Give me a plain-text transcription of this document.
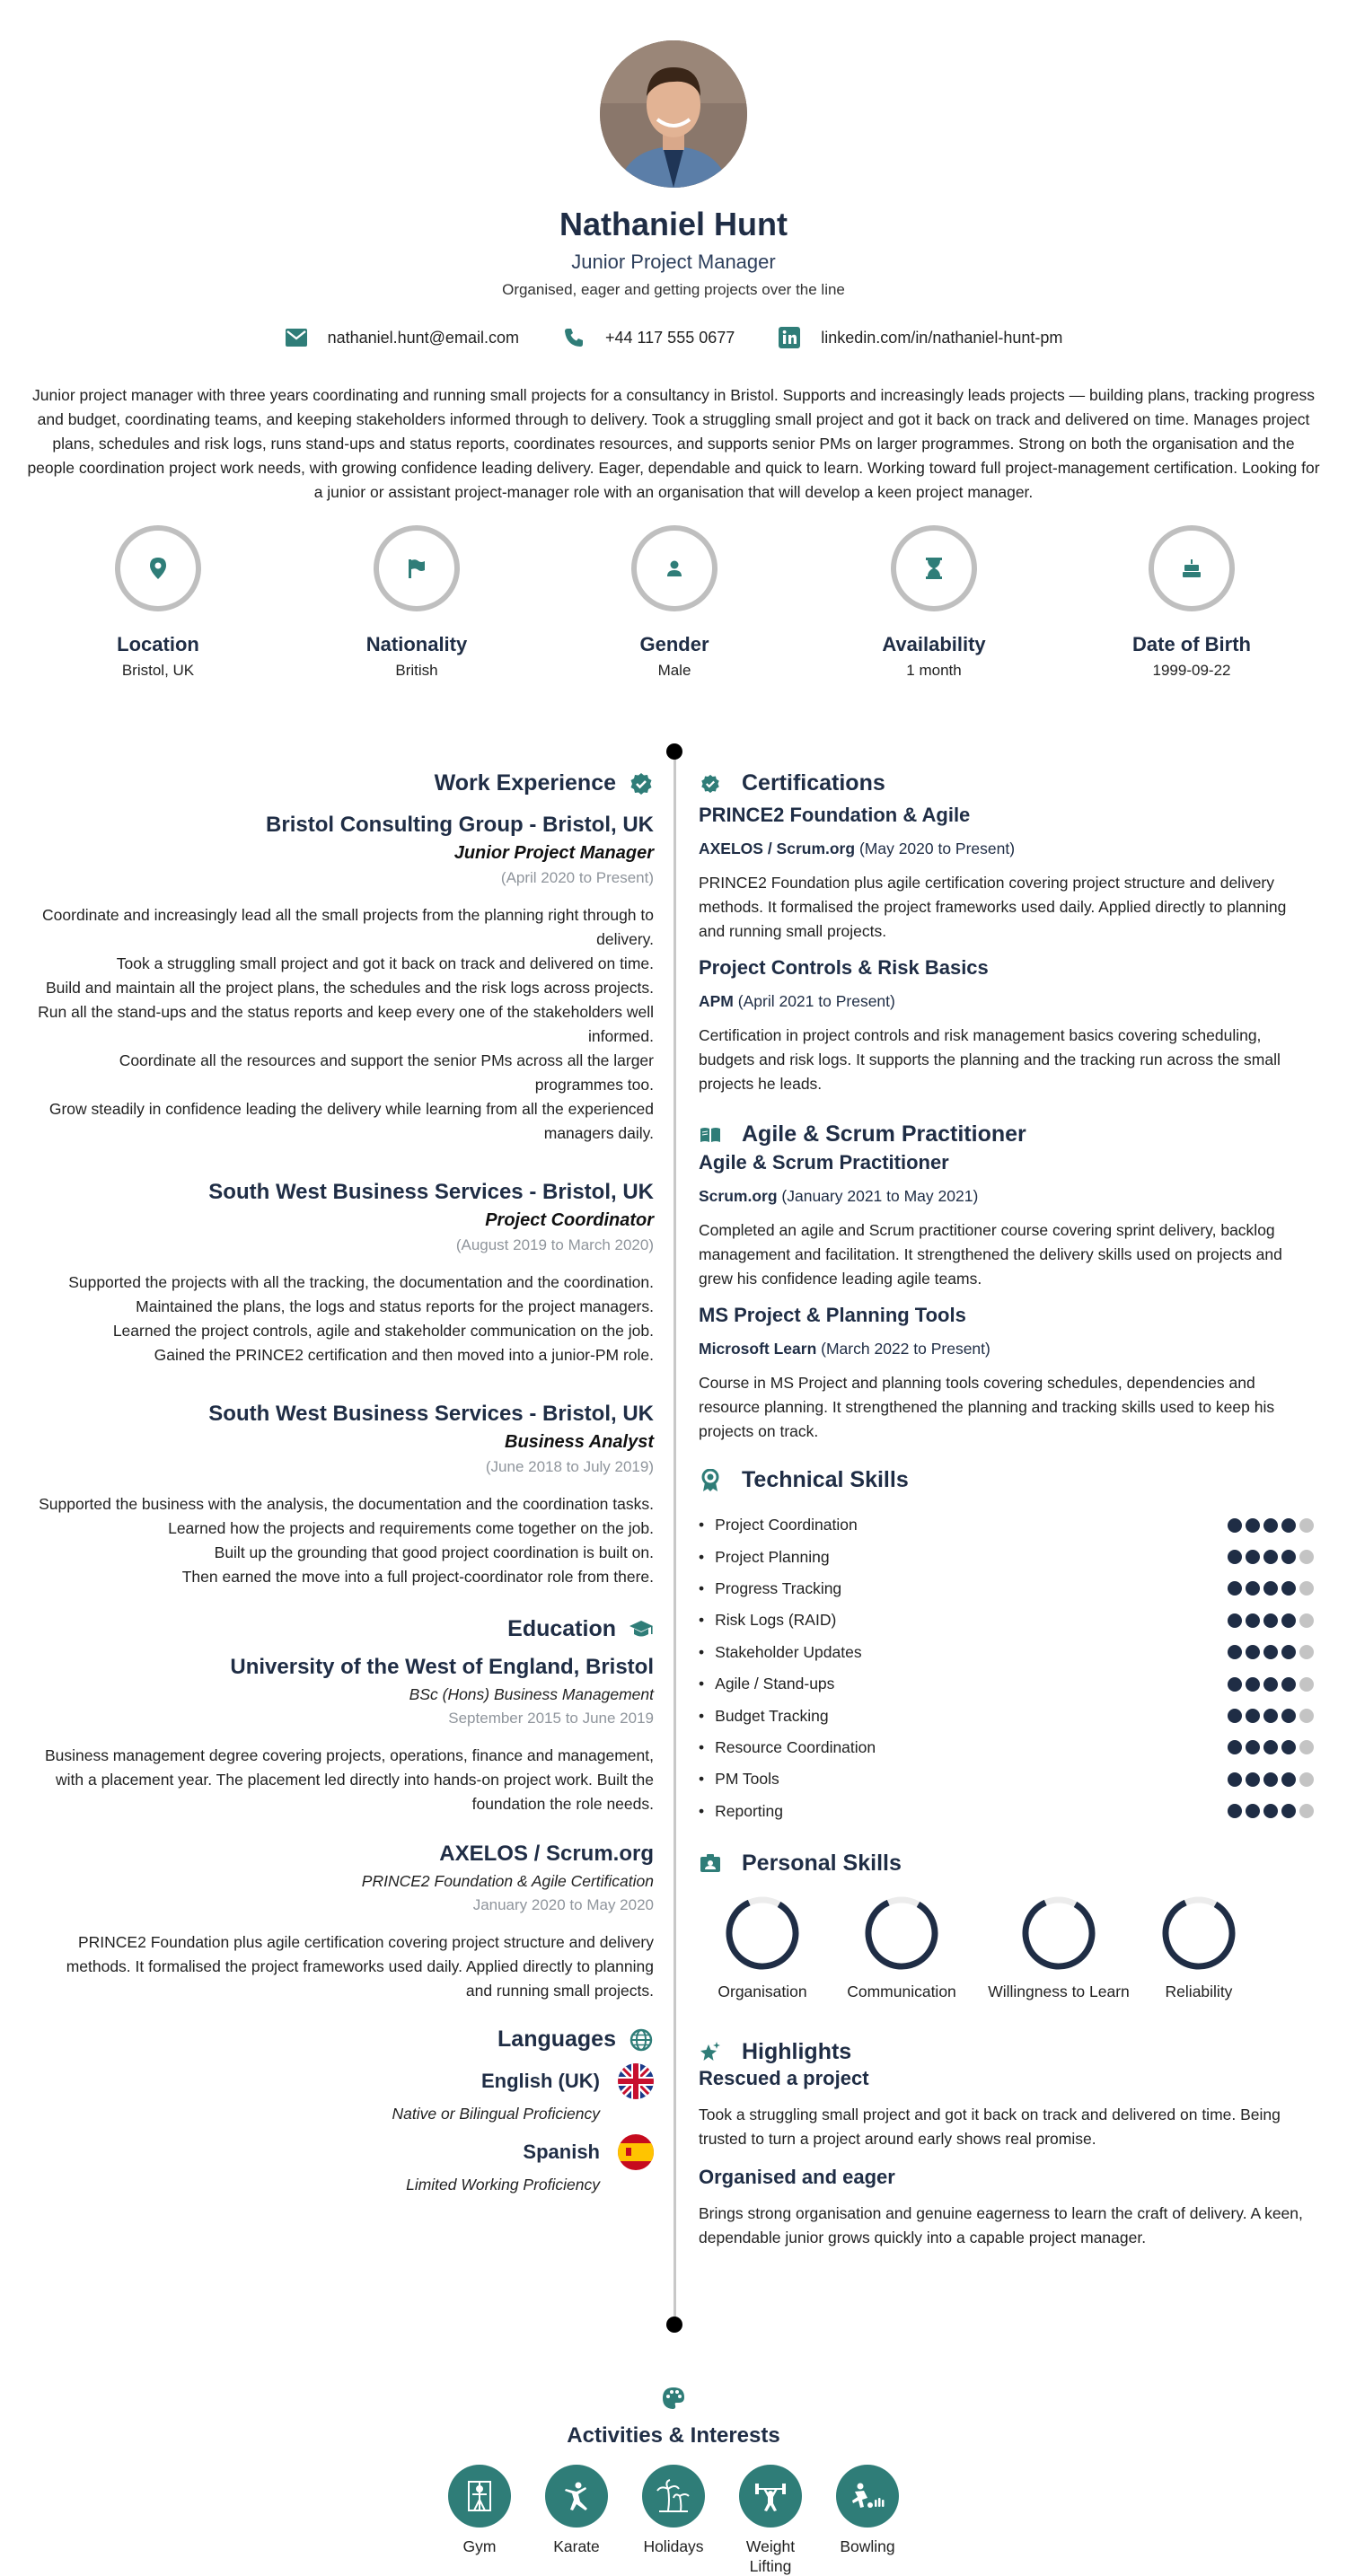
Nathaniel Hunt
Junior Project Manager
Organised, eager and getting projects over the line
nathaniel.hunt@email.com	+44 117 555 0677	linkedin.com/in/nathaniel-hunt-pm
Junior project manager with three years coordinating and running small projects for a consultancy in Bristol. Supports and increasingly leads projects — building plans, tracking progress and budget, coordinating teams, and keeping stakeholders informed through to delivery. Took a struggling small project and got it back on track and delivered on time. Manages project plans, schedules and risk logs, runs stand-ups and status reports, coordinates resources, and supports senior PMs on larger programmes. Strong on both the organisation and the people coordination project work needs, with growing confidence leading delivery. Eager, dependable and quick to learn. Working toward full project-management certification. Looking for a junior or assistant project-manager role with an organisation that will develop a keen project manager.
Location
Bristol, UK
Nationality
British
Gender
Male
Availability
1 month
Date of Birth
1999-09-22
Work Experience
Bristol Consulting Group - Bristol, UK
Junior Project Manager
(April 2020 to Present)

Coordinate and increasingly lead all the small projects from the planning right through to delivery.

Took a struggling small project and got it back on track and delivered on time.

Build and maintain all the project plans, the schedules and the risk logs across projects.

Run all the stand-ups and the status reports and keep every one of the stakeholders well informed.

Coordinate all the resources and support the senior PMs across all the larger programmes too.

Grow steadily in confidence leading the delivery while learning from all the experienced managers daily.

South West Business Services - Bristol, UK
Project Coordinator
(August 2019 to March 2020)

Supported the projects with all the tracking, the documentation and the coordination.

Maintained the plans, the logs and status reports for the project managers.

Learned the project controls, agile and stakeholder communication on the job.

Gained the PRINCE2 certification and then moved into a junior-PM role.

South West Business Services - Bristol, UK
Business Analyst
(June 2018 to July 2019)

Supported the business with the analysis, the documentation and the coordination tasks.

Learned how the projects and requirements come together on the job.

Built up the grounding that good project coordination is built on.

Then earned the move into a full project-coordinator role from there.

Education
University of the West of England, Bristol
BSc (Hons) Business Management
September 2015 to June 2019
Business management degree covering projects, operations, finance and management, with a placement year. The placement led directly into hands-on project work. Built the foundation the role needs.
AXELOS / Scrum.org
PRINCE2 Foundation & Agile Certification
January 2020 to May 2020
PRINCE2 Foundation plus agile certification covering project structure and delivery methods. It formalised the project frameworks used daily. Applied directly to planning and running small projects.
Languages
English (UK)
Native or Bilingual Proficiency
Spanish
Limited Working Proficiency
Certifications
PRINCE2 Foundation & Agile
AXELOS / Scrum.org (May 2020 to Present)
PRINCE2 Foundation plus agile certification covering project structure and delivery methods. It formalised the project frameworks used daily. Applied directly to planning and running small projects.
Project Controls & Risk Basics
APM (April 2021 to Present)
Certification in project controls and risk management basics covering scheduling, budgets and risk logs. It supports the planning and the tracking run across the small projects he leads.
Agile & Scrum Practitioner
Agile & Scrum Practitioner
Scrum.org (January 2021 to May 2021)
Completed an agile and Scrum practitioner course covering sprint delivery, backlog management and facilitation. It strengthened the delivery skills used on projects and grew his confidence leading agile teams.
MS Project & Planning Tools
Microsoft Learn (March 2022 to Present)
Course in MS Project and planning tools covering schedules, dependencies and resource planning. It strengthened the planning and tracking skills used to keep his projects on track.
Technical Skills
• Project Coordination
• Project Planning
• Progress Tracking
• Risk Logs (RAID)
• Stakeholder Updates
• Agile / Stand-ups
• Budget Tracking
• Resource Coordination
• PM Tools
• Reporting
Personal Skills
Organisation	Communication	Willingness to Learn	Reliability
Highlights
Rescued a project
Took a struggling small project and got it back on track and delivered on time. Being trusted to turn a project around early shows real promise.
Organised and eager
Brings strong organisation and genuine eagerness to learn the craft of delivery. A keen, dependable junior grows quickly into a capable project manager.
Activities & Interests
Gym	Karate	Holidays	Weight Lifting
Bowling
